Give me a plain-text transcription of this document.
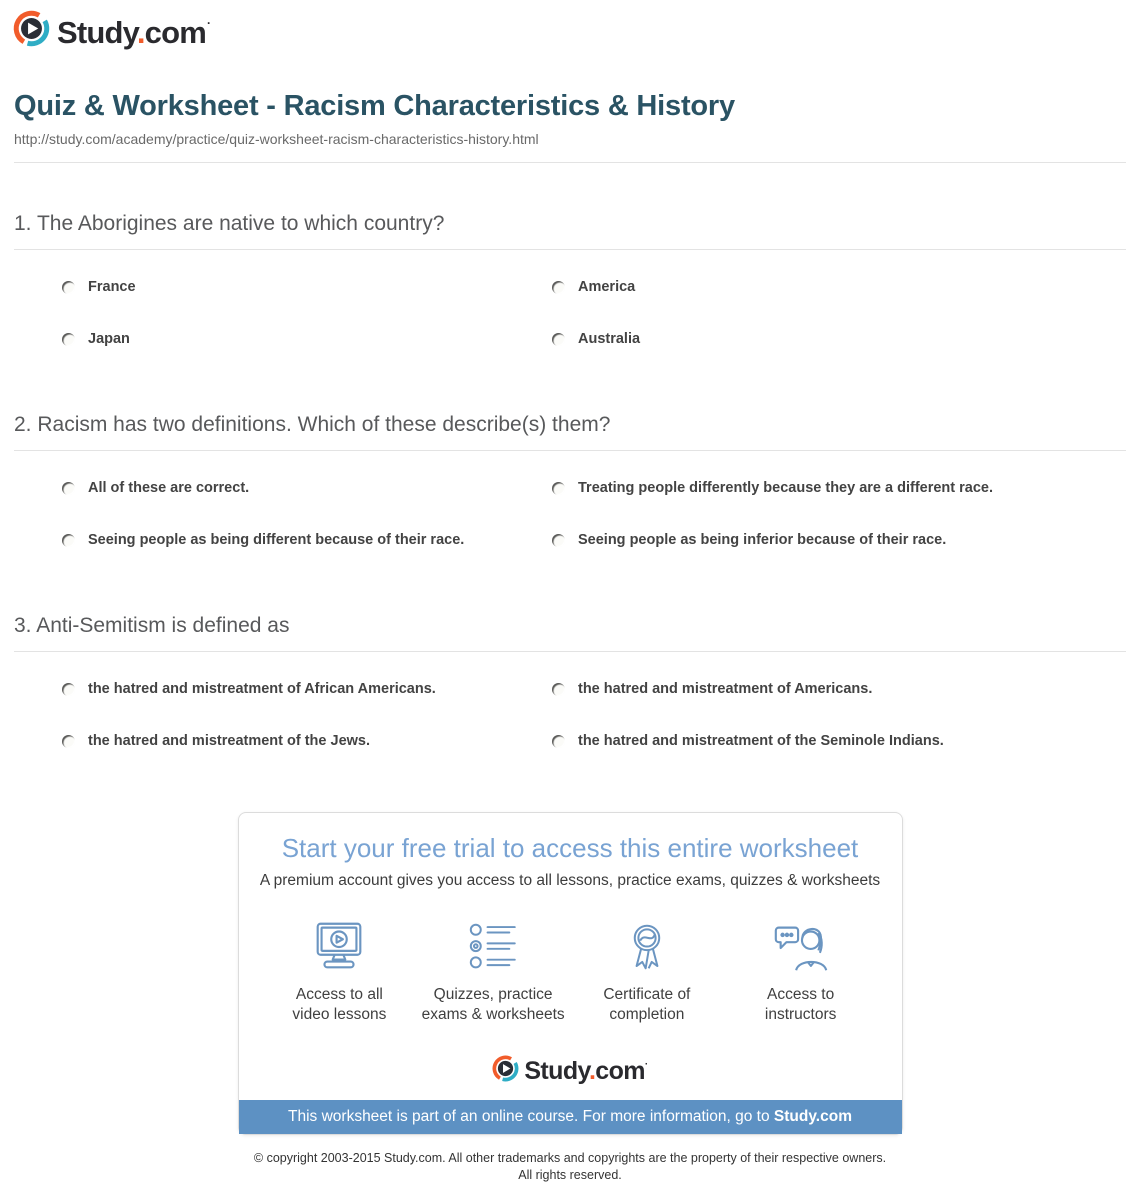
Study.com·
Quiz & Worksheet - Racism Characteristics & History
http://study.com/academy/practice/quiz-worksheet-racism-characteristics-history.html
1. The Aborigines are native to which country?
France	America
Japan	Australia
2. Racism has two definitions. Which of these describe(s) them?
All of these are correct.	Treating people differently because they are a different race.
Seeing people as being different because of their race.	Seeing people as being inferior because of their race.
3. Anti-Semitism is defined as
the hatred and mistreatment of African Americans.	the hatred and mistreatment of Americans.
the hatred and mistreatment of the Jews.	the hatred and mistreatment of the Seminole Indians.
Start your free trial to access this entire worksheet
A premium account gives you access to all lessons, practice exams, quizzes & worksheets
Access to all
video lessons
Quizzes, practice
exams & worksheets
Certificate of
completion
Access to
instructors
Study.com·
This worksheet is part of an online course. For more information, go to Study.com
© copyright 2003-2015 Study.com. All other trademarks and copyrights are the property of their respective owners.
All rights reserved.
